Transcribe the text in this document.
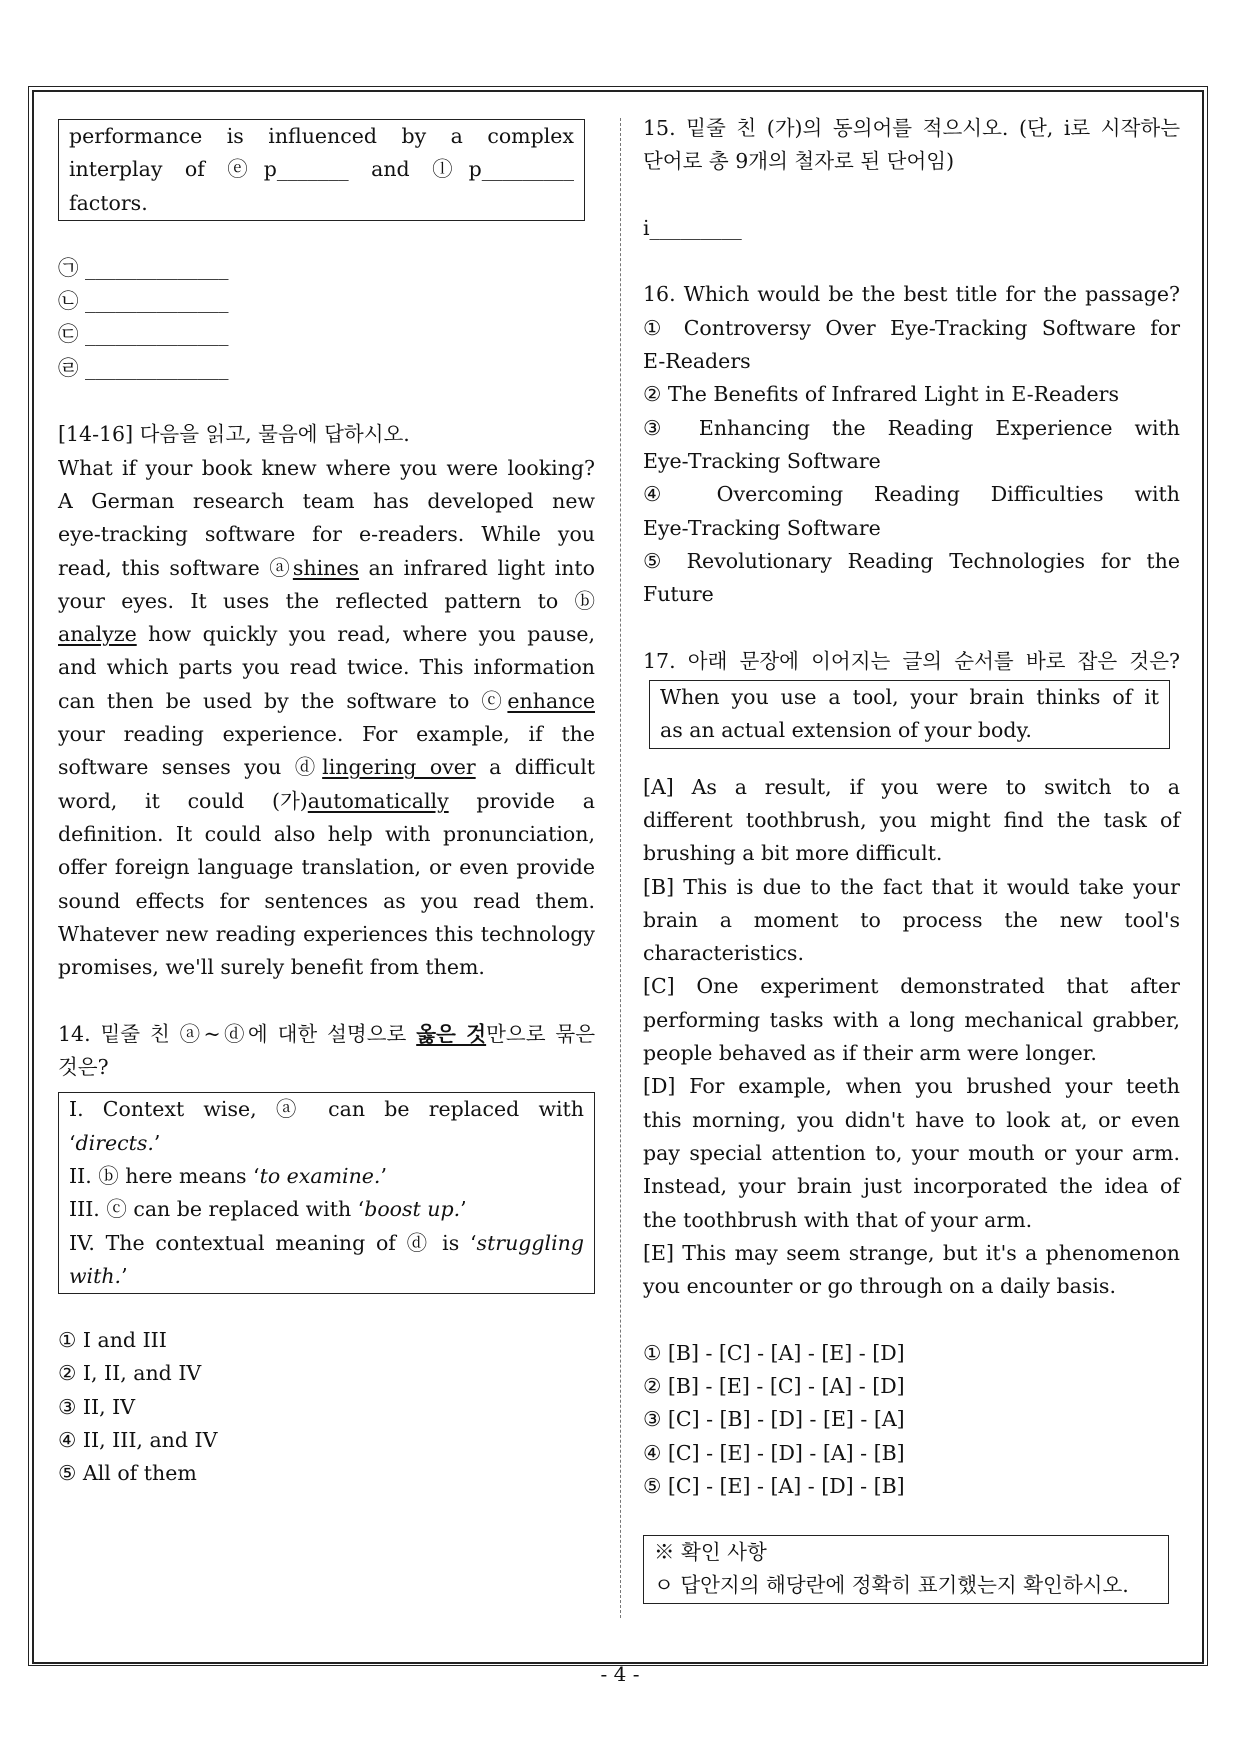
performance is influenced by a complex

interplay of ⓔp_______ and ⓛp_________

factors.

㉠ ______________

㉡ ______________

㉢ ______________

㉣ ______________

[14-16] 다음을 읽고, 물음에 답하시오.

What if your book knew where you were looking?

A German research team has developed new

eye-tracking software for e-readers. While you

read, this software ⓐshines an infrared light into

your eyes. It uses the reflected pattern to ⓑ

analyze how quickly you read, where you pause,

and which parts you read twice. This information

can then be used by the software to ⓒenhance

your reading experience. For example, if the

software senses you ⓓlingering over a difficult

word, it could (가)automatically provide a

definition. It could also help with pronunciation,

offer foreign language translation, or even provide

sound effects for sentences as you read them.

Whatever new reading experiences this technology

promises, we'll surely benefit from them.

14. 밑줄 친 ⓐ~ⓓ에 대한 설명으로 옳은 것만으로 묶은

것은?

I. Context wise, ⓐ can be replaced with

‘directs.’

II. ⓑ here means ‘to examine.’

III. ⓒ can be replaced with ‘boost up.’

IV. The contextual meaning of ⓓ is ‘struggling

with.’

① I and III

② I, II, and IV

③ II, IV

④ II, III, and IV

⑤ All of them

15. 밑줄 친 (가)의 동의어를 적으시오. (단, i로 시작하는

단어로 총 9개의 철자로 된 단어임)

i_________

16. Which would be the best title for the passage?

① Controversy Over Eye-Tracking Software for

E-Readers

② The Benefits of Infrared Light in E-Readers

③ Enhancing the Reading Experience with

Eye-Tracking Software

④ Overcoming Reading Difficulties with

Eye-Tracking Software

⑤ Revolutionary Reading Technologies for the

Future

17. 아래 문장에 이어지는 글의 순서를 바로 잡은 것은?

When you use a tool, your brain thinks of it

as an actual extension of your body.

[A] As a result, if you were to switch to a

different toothbrush, you might find the task of

brushing a bit more difficult.

[B] This is due to the fact that it would take your

brain a moment to process the new tool's

characteristics.

[C] One experiment demonstrated that after

performing tasks with a long mechanical grabber,

people behaved as if their arm were longer.

[D] For example, when you brushed your teeth

this morning, you didn't have to look at, or even

pay special attention to, your mouth or your arm.

Instead, your brain just incorporated the idea of

the toothbrush with that of your arm.

[E] This may seem strange, but it's a phenomenon

you encounter or go through on a daily basis.

① [B] - [C] - [A] - [E] - [D]

② [B] - [E] - [C] - [A] - [D]

③ [C] - [B] - [D] - [E] - [A]

④ [C] - [E] - [D] - [A] - [B]

⑤ [C] - [E] - [A] - [D] - [B]

※ 확인 사항

ㅇ 답안지의 해당란에 정확히 표기했는지 확인하시오.

- 4 -
